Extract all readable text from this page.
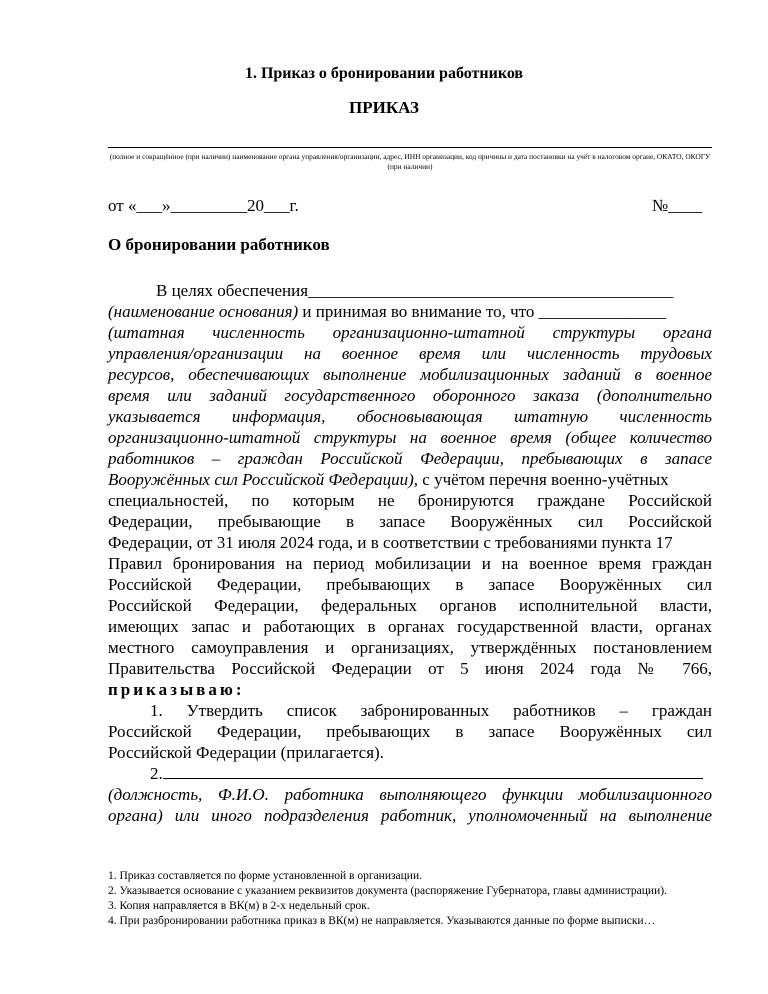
1. Приказ о бронировании работников
ПРИКАЗ
(полное и сокращённое (при наличии) наименование органа управления/организации, адрес, ИНН организации, код причины и дата постановки на учёт в налоговом органе, ОКАТО, ОКОГУ (при наличии)
от «___»_________20___г.	№____
О бронировании работников
В целях обеспечения___________________________________________
(наименование основания) и принимая во внимание то, что _______________
(штатная численность организационно-штатной структуры органа
управления/организации на военное время или численность трудовых
ресурсов, обеспечивающих выполнение мобилизационных заданий в военное
время или заданий государственного оборонного заказа (дополнительно
указывается информация, обосновывающая штатную численность
организационно-штатной структуры на военное время (общее количество
работников – граждан Российской Федерации, пребывающих в запасе
Вооружённых сил Российской Федерации), с учётом перечня военно-учётных
специальностей, по которым не бронируются граждане Российской
Федерации, пребывающие в запасе Вооружённых сил Российской
Федерации, от 31 июля 2024 года, и в соответствии с требованиями пункта 17
Правил бронирования на период мобилизации и на военное время граждан
Российской Федерации, пребывающих в запасе Вооружённых сил
Российской Федерации, федеральных органов исполнительной власти,
имеющих запас и работающих в органах государственной власти, органах
местного самоуправления и организациях, утверждённых постановлением
Правительства Российской Федерации от 5 июня 2024 года № 766,
приказываю:
1. Утвердить список забронированных работников – граждан
Российской Федерации, пребывающих в запасе Вооружённых сил
Российской Федерации (прилагается).
2.
(должность, Ф.И.О. работника выполняющего функции мобилизационного
органа) или иного подразделения работник, уполномоченный на выполнение
1. Приказ составляется по форме установленной в организации.
2. Указывается основание с указанием реквизитов документа (распоряжение Губернатора, главы администрации).
3. Копия направляется в ВК(м) в 2-х недельный срок.
4. При разбронировании работника приказ в ВК(м) не направляется. Указываются данные по форме выписки…
